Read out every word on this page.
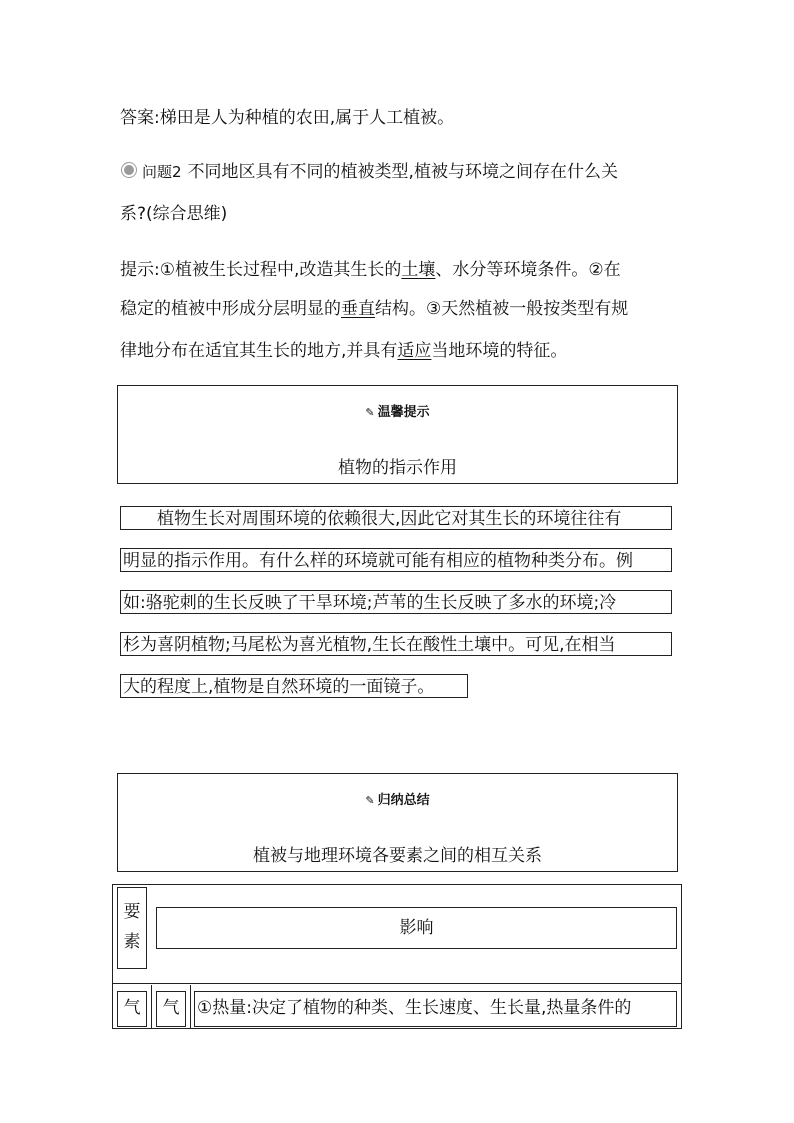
答案:梯田是人为种植的农田,属于人工植被。

问题2 不同地区具有不同的植被类型,植被与环境之间存在什么关

系?(综合思维)

提示:①植被生长过程中,改造其生长的土壤、水分等环境条件。②在

稳定的植被中形成分层明显的垂直结构。③天然植被一般按类型有规

律地分布在适宜其生长的地方,并具有适应当地环境的特征。

✎ 温馨提示
植物的指示作用
　　植物生长对周围环境的依赖很大,因此它对其生长的环境往往有
明显的指示作用。有什么样的环境就可能有相应的植物种类分布。例
如:骆驼刺的生长反映了干旱环境;芦苇的生长反映了多水的环境;冷
杉为喜阴植物;马尾松为喜光植物,生长在酸性土壤中。可见,在相当
大的程度上,植物是自然环境的一面镜子。
✎ 归纳总结
植被与地理环境各要素之间的相互关系
要
素
影响
气	气	①热量:决定了植物的种类、生长速度、生长量,热量条件的
